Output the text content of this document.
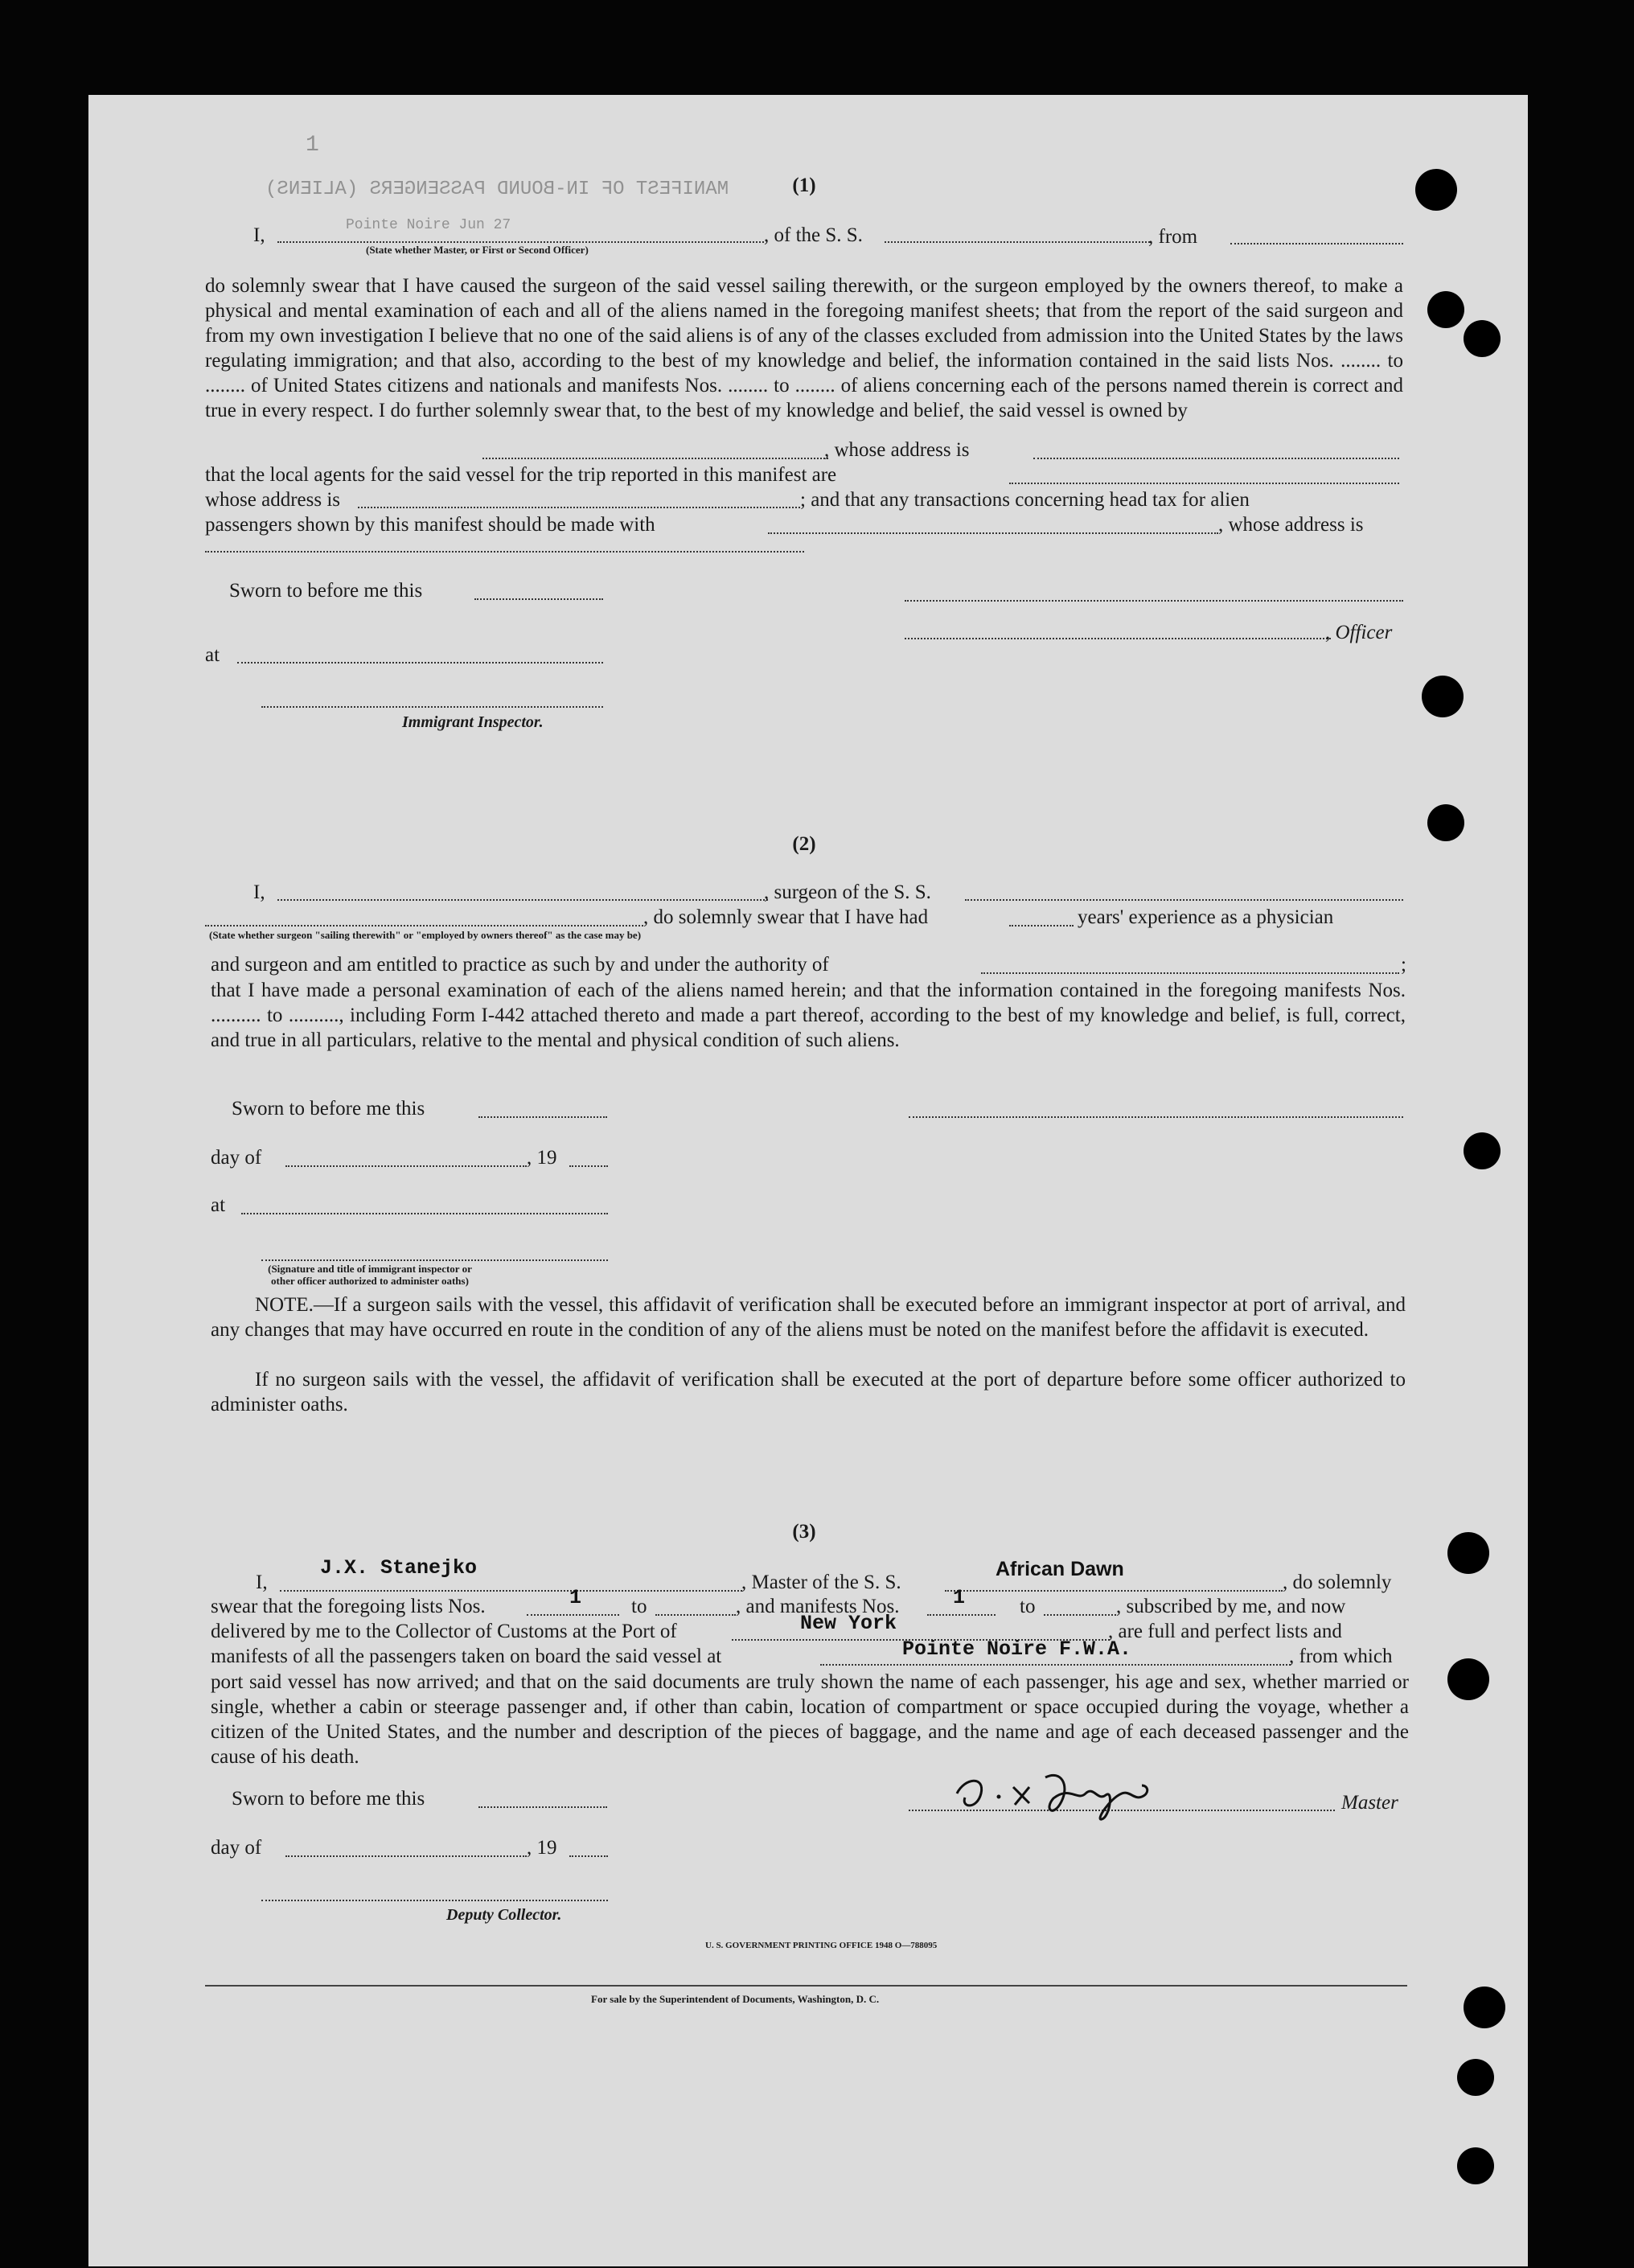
1
MANIFEST OF IN-BOUND PASSENGERS (ALIENS)	(1)
I,	Pointe Noire Jun 27	, of the S. S.	, from
(State whether Master, or First or Second Officer)
do solemnly swear that I have caused the surgeon of the said vessel sailing therewith, or the surgeon employed by the owners thereof, to make a physical and mental examination of each and all of the aliens named in the foregoing manifest sheets; that from the report of the said surgeon and from my own investigation I believe that no one of the said aliens is of any of the classes excluded from admission into the United States by the laws regulating immigration; and that also, according to the best of my knowledge and belief, the information contained in the said lists Nos. ........ to ........ of United States citizens and nationals and manifests Nos. ........ to ........ of aliens concerning each of the persons named therein is correct and true in every respect. I do further solemnly swear that, to the best of my knowledge and belief, the said vessel is owned by
, whose address is
that the local agents for the said vessel for the trip reported in this manifest are
whose address is	; and that any transactions concerning head tax for alien
passengers shown by this manifest should be made with	, whose address is
Sworn to before me this
, Officer
at
Immigrant Inspector.
(2)
I,	, surgeon of the S. S.
, do solemnly swear that I have had	years' experience as a physician
(State whether surgeon "sailing therewith" or "employed by owners thereof" as the case may be)
and surgeon and am entitled to practice as such by and under the authority of	;
that I have made a personal examination of each of the aliens named herein; and that the information contained in the foregoing manifests Nos. .......... to .........., including Form I-442 attached thereto and made a part thereof, according to the best of my knowledge and belief, is full, correct, and true in all particulars, relative to the mental and physical condition of such aliens.
Sworn to before me this
day of	, 19
at
(Signature and title of immigrant inspector or other officer authorized to administer oaths)
NOTE.—If a surgeon sails with the vessel, this affidavit of verification shall be executed before an immigrant inspector at port of arrival, and any changes that may have occurred en route in the condition of any of the aliens must be noted on the manifest before the affidavit is executed.
If no surgeon sails with the vessel, the affidavit of verification shall be executed at the port of departure before some officer authorized to administer oaths.
(3)
I,
J.X. Stanejko
, Master of the S. S.
African Dawn
, do solemnly
swear that the foregoing lists Nos.	1 to	, and manifests Nos.	1	to	, subscribed by me, and now
delivered by me to the Collector of Customs at the Port of	New York	, are full and perfect lists and
manifests of all the passengers taken on board the said vessel at	Pointe Noire F.W.A.	, from which
port said vessel has now arrived; and that on the said documents are truly shown the name of each passenger, his age and sex, whether married or single, whether a cabin or steerage passenger and, if other than cabin, location of compartment or space occupied during the voyage, whether a citizen of the United States, and the number and description of the pieces of baggage, and the name and age of each deceased passenger and the cause of his death.
Sworn to before me this	Master
day of	, 19
Deputy Collector.
U. S. GOVERNMENT PRINTING OFFICE 1948 O—788095
For sale by the Superintendent of Documents, Washington, D. C.
